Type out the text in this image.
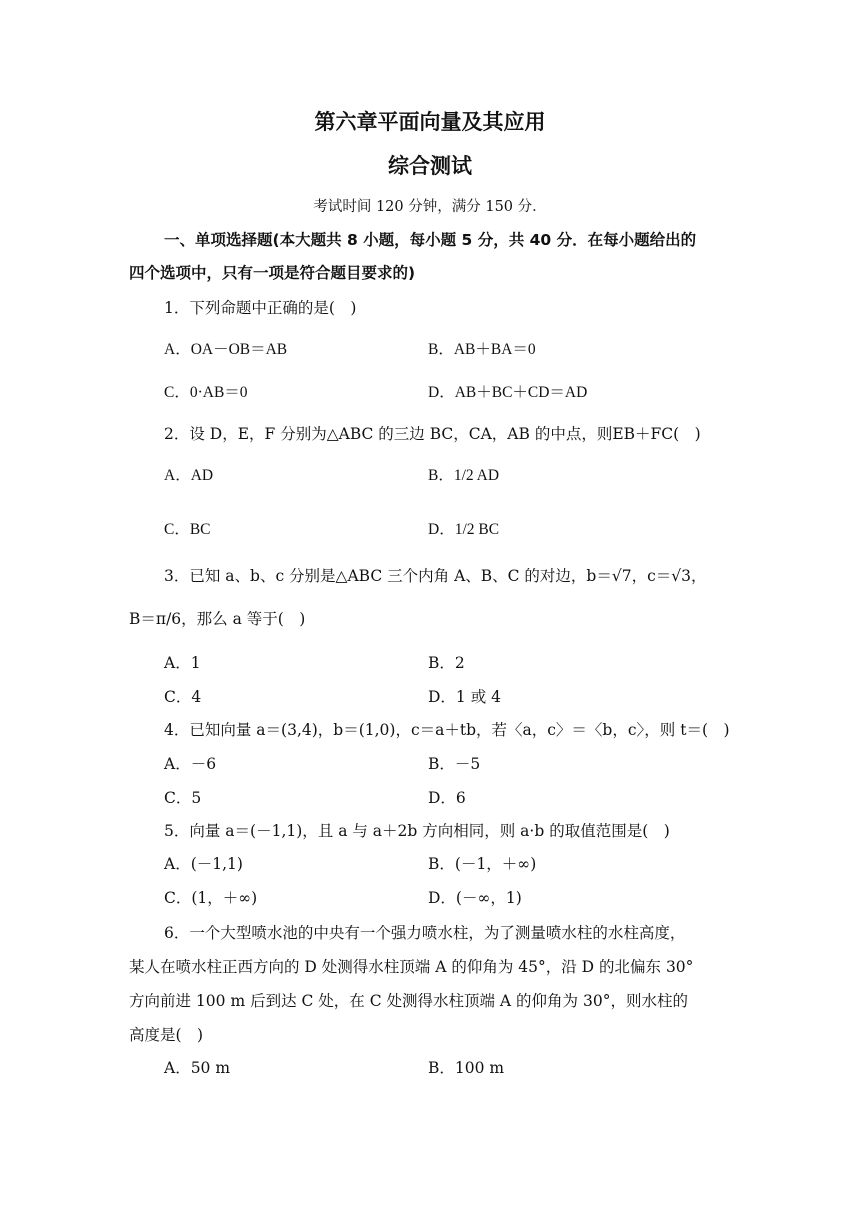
第六章平面向量及其应用
综合测试
考试时间 120 分钟，满分 150 分．
一、单项选择题(本大题共 8 小题，每小题 5 分，共 40 分．在每小题给出的
四个选项中，只有一项是符合题目要求的)
1．下列命题中正确的是(　)
A．OA－OB＝AB	B．AB＋BA＝0
C．0·AB＝0	D．AB＋BC＋CD＝AD
2．设 D，E，F 分别为△ABC 的三边 BC，CA，AB 的中点，则EB＋FC(　)
A．AD	B．1/2 AD
C．BC	D．1/2 BC
3．已知 a、b、c 分别是△ABC 三个内角 A、B、C 的对边，b＝√7，c＝√3，
B＝π/6，那么 a 等于(　)
A．1	B．2
C．4	D．1 或 4
4．已知向量 a＝(3,4)，b＝(1,0)，c＝a＋tb，若〈a，c〉＝〈b，c〉，则 t＝(　)
A．－6	B．－5
C．5	D．6
5．向量 a＝(－1,1)，且 a 与 a＋2b 方向相同，则 a·b 的取值范围是(　)
A．(－1,1)	B．(－1，＋∞)
C．(1，＋∞)	D．(－∞，1)
6．一个大型喷水池的中央有一个强力喷水柱，为了测量喷水柱的水柱高度，
某人在喷水柱正西方向的 D 处测得水柱顶端 A 的仰角为 45°，沿 D 的北偏东 30°
方向前进 100 m 后到达 C 处，在 C 处测得水柱顶端 A 的仰角为 30°，则水柱的
高度是(　)
A．50 m	B．100 m
